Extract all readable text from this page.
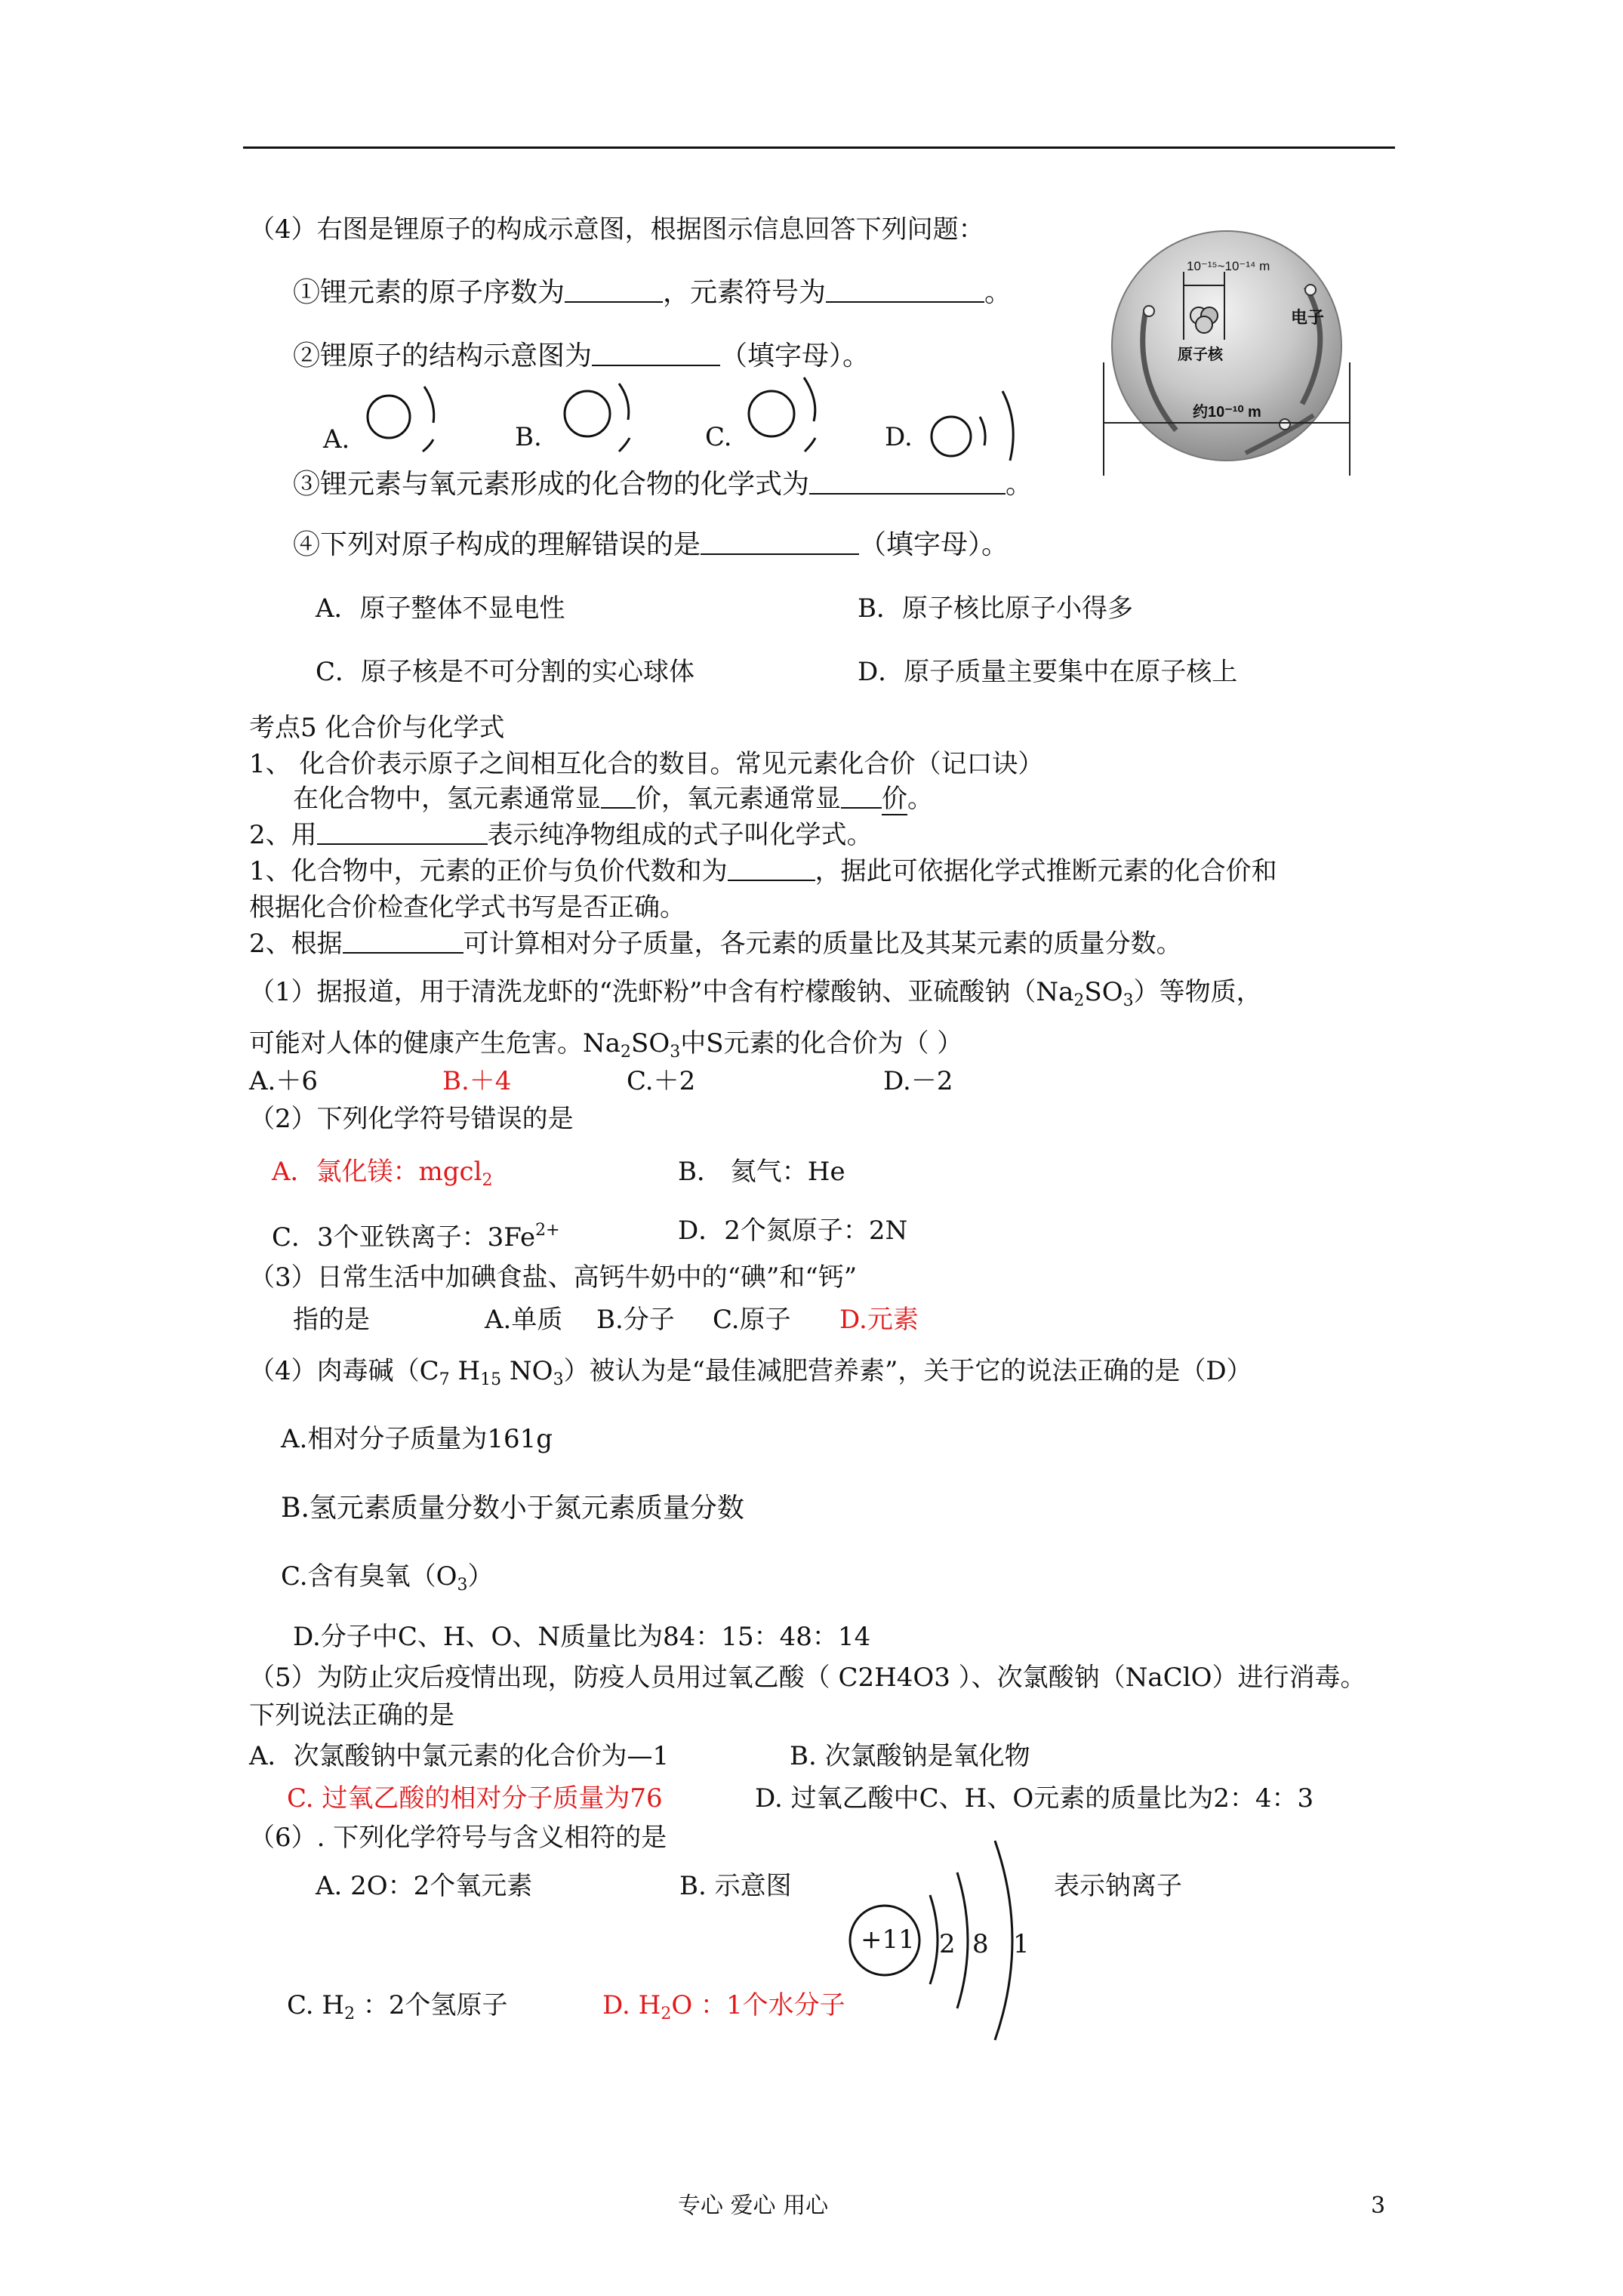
（4）右图是锂原子的构成示意图，根据图示信息回答下列问题：
①锂元素的原子序数为	，元素符号为	。
②锂原子的结构示意图为	（填字母）。
A.	B.	C.	D.
③锂元素与氧元素形成的化合物的化学式为	。
④下列对原子构成的理解错误的是	（填字母）。
A．原子整体不显电性	B．原子核比原子小得多
C．原子核是不可分割的实心球体	D．原子质量主要集中在原子核上
10⁻¹⁵~10⁻¹⁴ m
电子
原子核
约10⁻¹⁰ m
考点5 化合价与化学式
1、 化合价表示原子之间相互化合的数目。常见元素化合价（记口诀）
在化合物中，氢元素通常显 价，氧元素通常显 价。
2、用	表示纯净物组成的式子叫化学式。
1、化合物中，元素的正价与负价代数和为	，据此可依据化学式推断元素的化合价和
根据化合价检查化学式书写是否正确。
2、根据	可计算相对分子质量，各元素的质量比及其某元素的质量分数。
（1）据报道，用于清洗龙虾的“洗虾粉”中含有柠檬酸钠、亚硫酸钠$(Na_2SO_3)$等物质，
可能对人体的健康产生危害。$Na_2SO_3$中S元素的化合价为（ ）
A.＋6	B.＋4	C.＋2	D.－2
（2）下列化学符号错误的是
A．氯化镁：mgcl$_2$	B． 氦气：He
C．3个亚铁离子：$3Fe^{2+}$	D．2个氮原子：2N
（3）日常生活中加碘食盐、高钙牛奶中的“碘”和“钙”
指的是	A.单质 B.分子 C.原子 D.元素
（4）肉毒碱（$C_7$ $H_{15}$ $NO_3$）被认为是“最佳减肥营养素”，关于它的说法正确的是（D）
A.相对分子质量为161g
B.氢元素质量分数小于氮元素质量分数
C.含有臭氧$(O_3)$
D.分子中C、H、O、N质量比为84：15：48：14
（5）为防止灾后疫情出现，防疫人员用过氧乙酸（ C2H4O3 ）、次氯酸钠（NaClO）进行消毒。
下列说法正确的是
A．次氯酸钠中氯元素的化合价为—1	B. 次氯酸钠是氧化物
C. 过氧乙酸的相对分子质量为76	D. 过氧乙酸中C、H、O元素的质量比为2：4：3
（6）. 下列化学符号与含义相符的是
A. 2O：2个氧元素	B. 示意图	表示钠离子
+11 2 8 1
C. $H_2$ ：2个氢原子	D. $H_2O$ ：1个水分子
专心 爱心 用心	3
